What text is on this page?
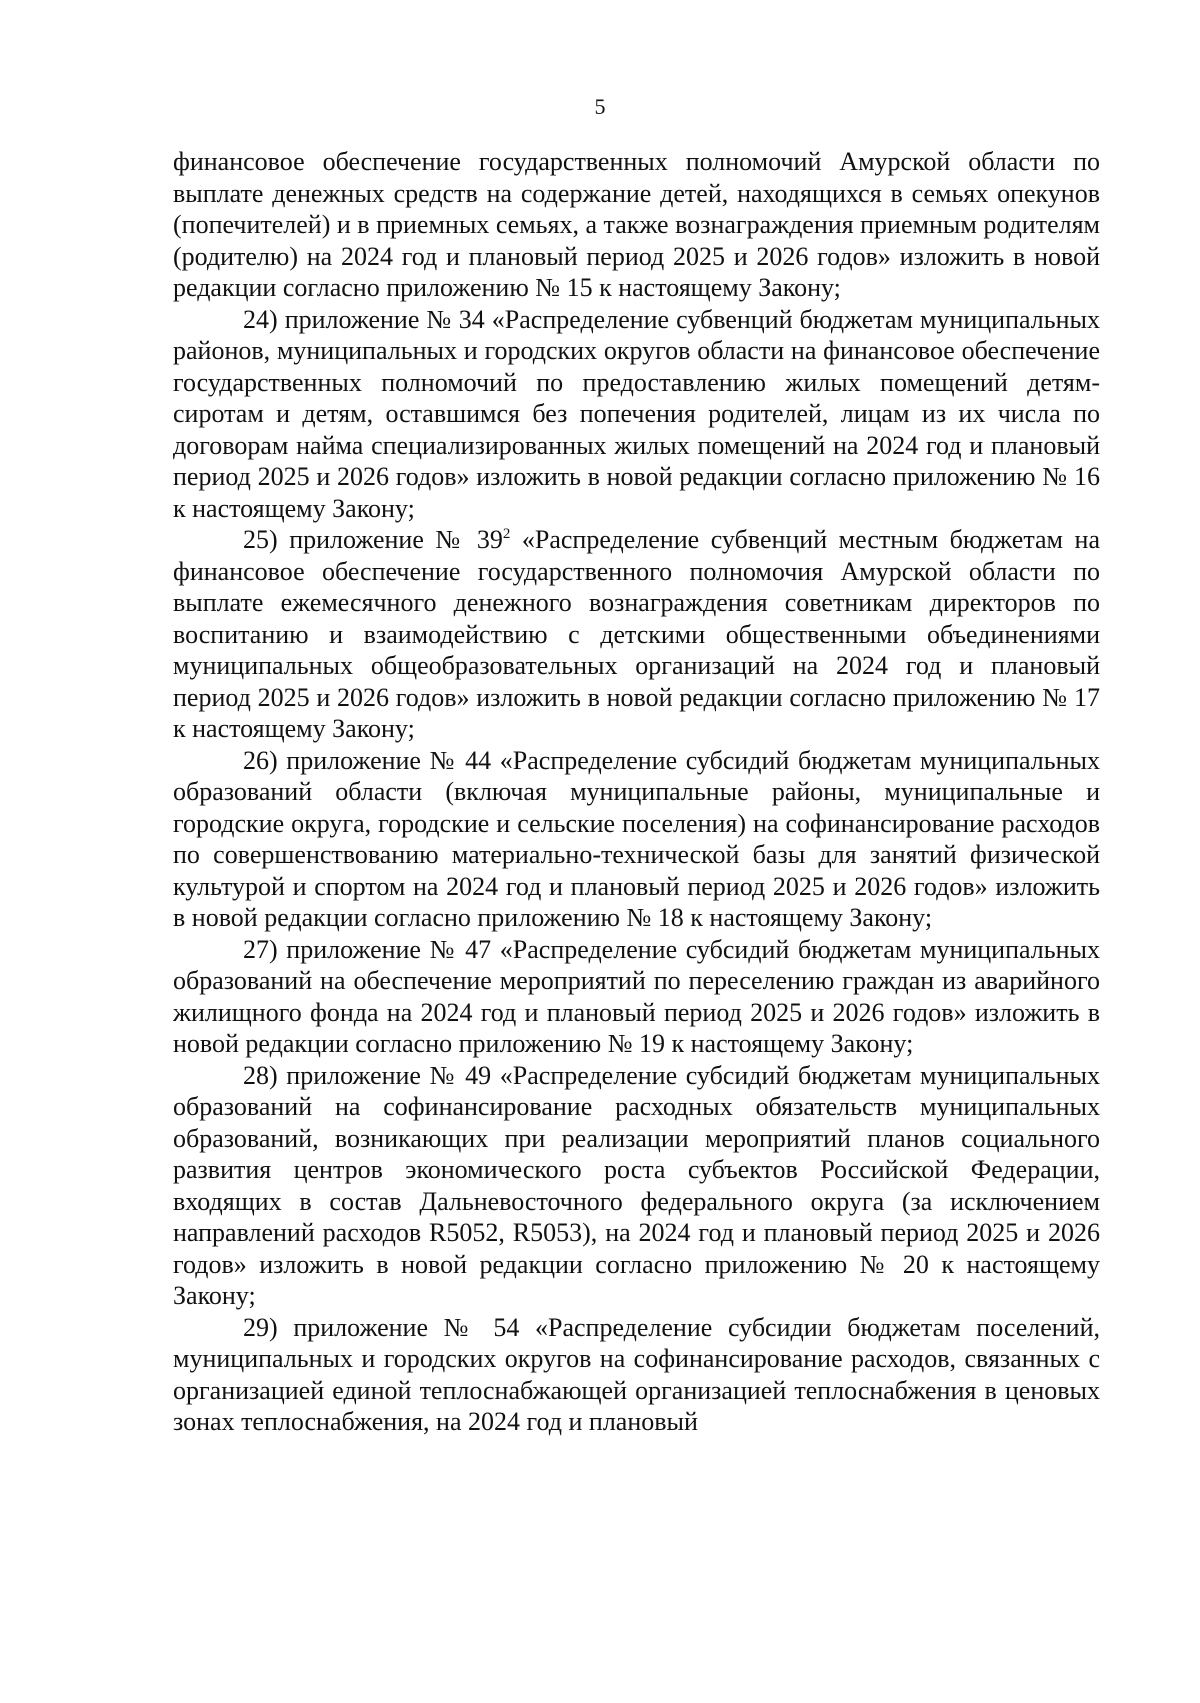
5

финансовое обеспечение государственных полномочий Амурской области по выплате денежных средств на содержание детей, находящихся в семьях опекунов (попечителей) и в приемных семьях, а также вознаграждения приемным родителям (родителю) на 2024 год и плановый период 2025 и 2026 годов» изложить в новой редакции согласно приложению № 15 к настоящему Закону;

24) приложение № 34 «Распределение субвенций бюджетам муниципальных районов, муниципальных и городских округов области на финансовое обеспечение государственных полномочий по предоставлению жилых помещений детям-сиротам и детям, оставшимся без попечения родителей, лицам из их числа по договорам найма специализированных жилых помещений на 2024 год и плановый период 2025 и 2026 годов» изложить в новой редакции согласно приложению № 16 к настоящему Закону;

25) приложение № $39^2$ «Распределение субвенций местным бюджетам на финансовое обеспечение государственного полномочия Амурской области по выплате ежемесячного денежного вознаграждения советникам директоров по воспитанию и взаимодействию с детскими общественными объединениями муниципальных общеобразовательных организаций на 2024 год и плановый период 2025 и 2026 годов» изложить в новой редакции согласно приложению № 17 к настоящему Закону;

26) приложение № 44 «Распределение субсидий бюджетам муниципальных образований области (включая муниципальные районы, муниципальные и городские округа, городские и сельские поселения) на софинансирование расходов по совершенствованию материально-технической базы для занятий физической культурой и спортом на 2024 год и плановый период 2025 и 2026 годов» изложить в новой редакции согласно приложению № 18 к настоящему Закону;

27) приложение № 47 «Распределение субсидий бюджетам муниципальных образований на обеспечение мероприятий по переселению граждан из аварийного жилищного фонда на 2024 год и плановый период 2025 и 2026 годов» изложить в новой редакции согласно приложению № 19 к настоящему Закону;

28) приложение № 49 «Распределение субсидий бюджетам муниципальных образований на софинансирование расходных обязательств муниципальных образований, возникающих при реализации мероприятий планов социального развития центров экономического роста субъектов Российской Федерации, входящих в состав Дальневосточного федерального округа (за исключением направлений расходов R5052, R5053), на 2024 год и плановый период 2025 и 2026 годов» изложить в новой редакции согласно приложению № 20 к настоящему Закону;

29) приложение № 54 «Распределение субсидии бюджетам поселений, муниципальных и городских округов на софинансирование расходов, связанных с организацией единой теплоснабжающей организацией теплоснабжения в ценовых зонах теплоснабжения, на 2024 год и плановый
